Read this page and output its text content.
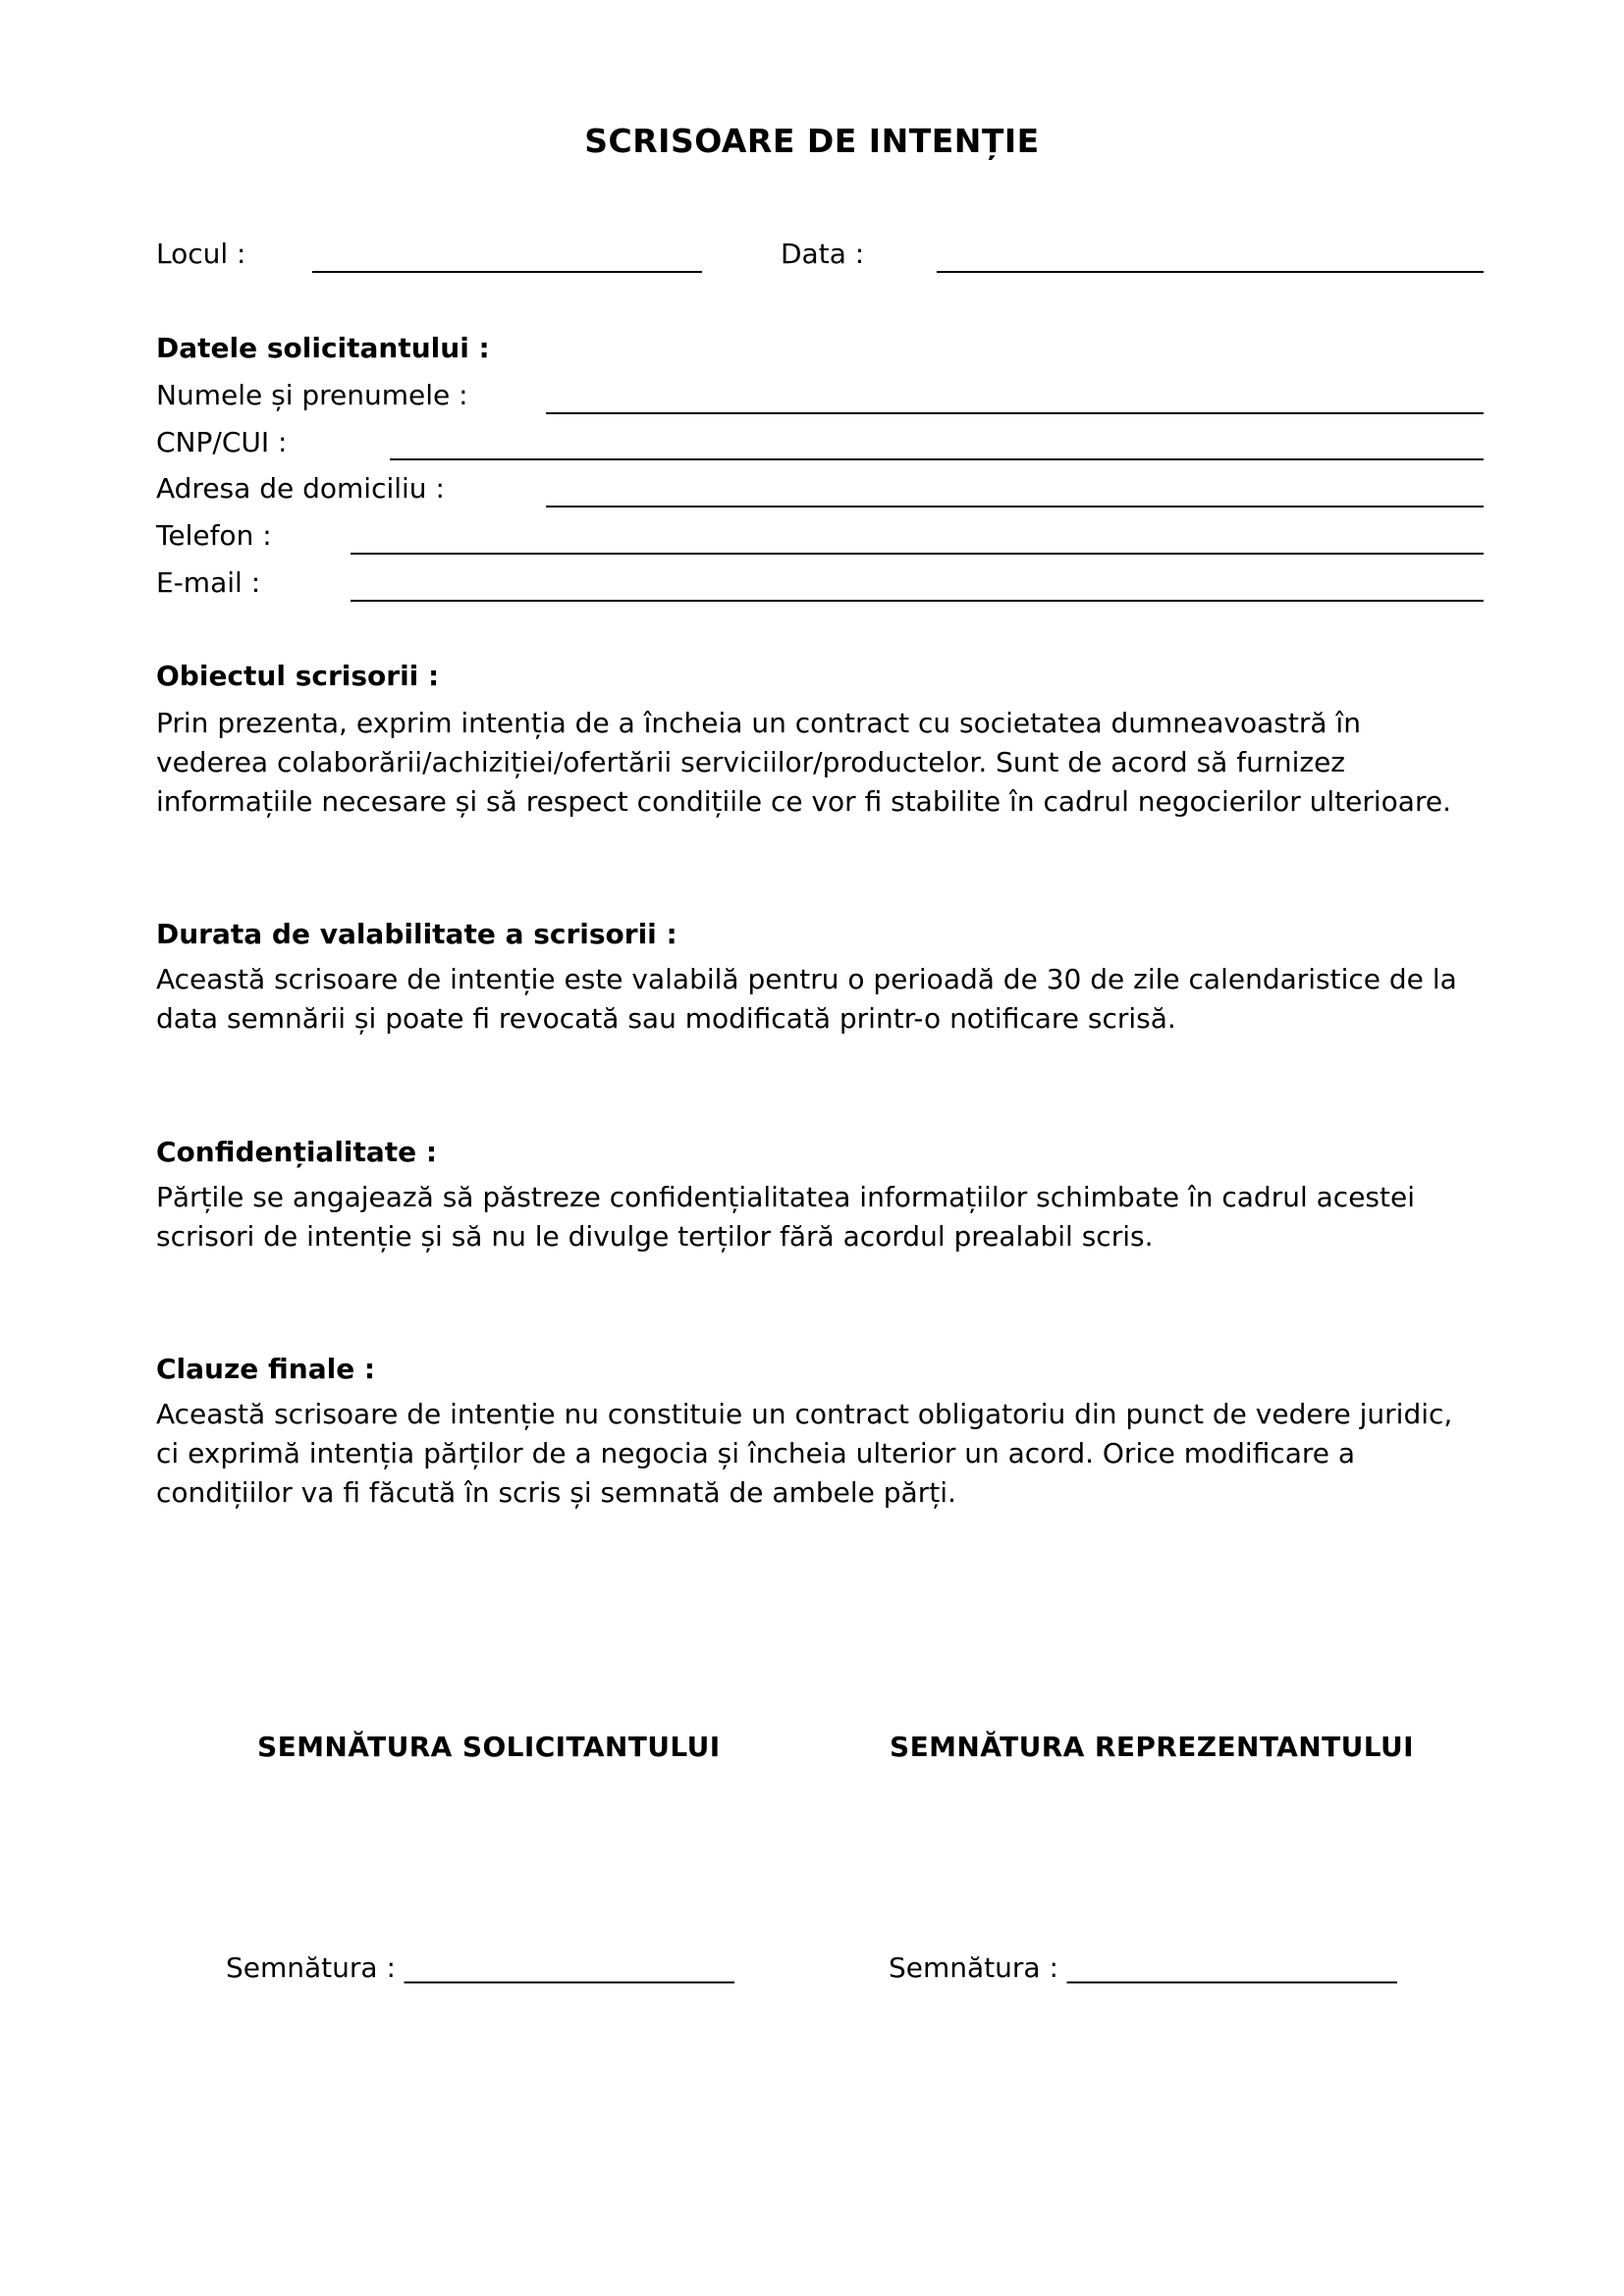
SCRISOARE DE INTENȚIE
Locul :	Data :
Datele solicitantului :
Numele și prenumele :
CNP/CUI :
Adresa de domiciliu :
Telefon :
E-mail :
Obiectul scrisorii :
Prin prezenta, exprim intenția de a încheia un contract cu societatea dumneavoastră în
vederea colaborării/achiziției/ofertării serviciilor/productelor. Sunt de acord să furnizez
informațiile necesare și să respect condițiile ce vor fi stabilite în cadrul negocierilor ulterioare.
Durata de valabilitate a scrisorii :
Această scrisoare de intenție este valabilă pentru o perioadă de 30 de zile calendaristice de la
data semnării și poate fi revocată sau modificată printr-o notificare scrisă.
Confidențialitate :
Părțile se angajează să păstreze confidențialitatea informațiilor schimbate în cadrul acestei
scrisori de intenție și să nu le divulge terților fără acordul prealabil scris.
Clauze finale :
Această scrisoare de intenție nu constituie un contract obligatoriu din punct de vedere juridic,
ci exprimă intenția părților de a negocia și încheia ulterior un acord. Orice modificare a
condițiilor va fi făcută în scris și semnată de ambele părți.
SEMNĂTURA SOLICITANTULUI	SEMNĂTURA REPREZENTANTULUI
Semnătura : ________________________	Semnătura : ________________________
